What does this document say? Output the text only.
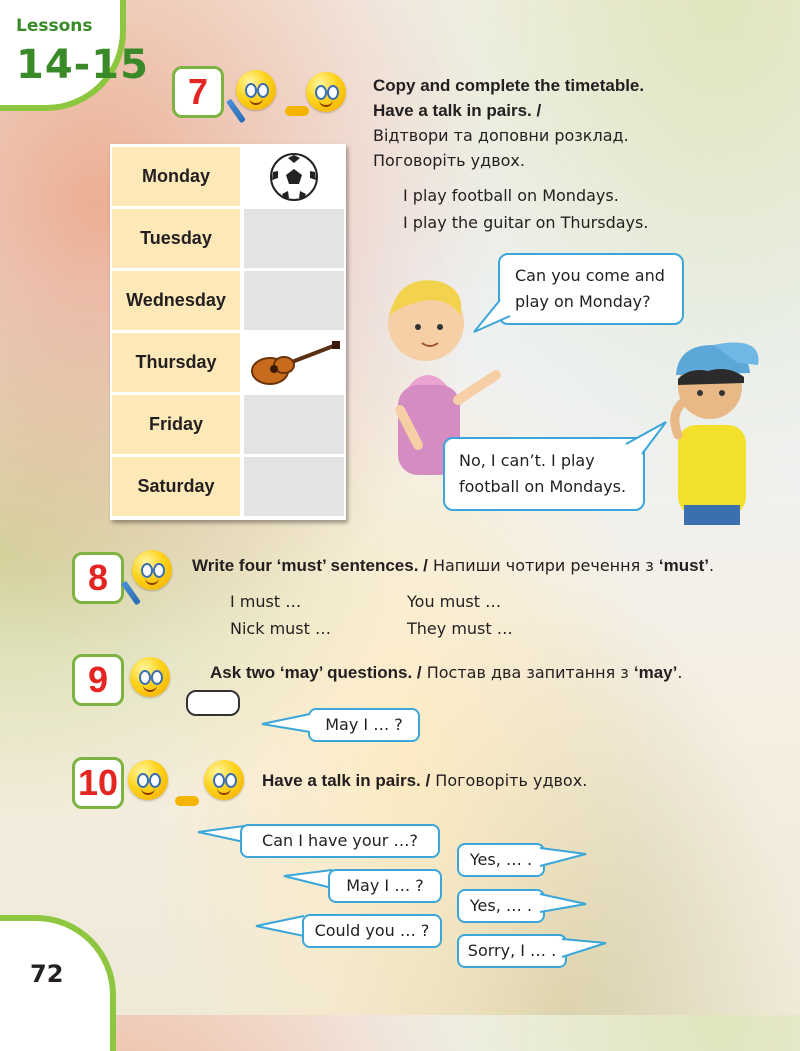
Lessons
14-15
7	Copy and complete the timetable.
Have a talk in pairs. /
Відтвори та доповни розклад.
Поговоріть удвох.
I play football on Mondays.
I play the guitar on Thursdays.
Monday
Tuesday
Wednesday
Thursday
Friday
Saturday
Can you come and
play on Monday?
No, I can’t. I play
football on Mondays.
8	Write four ‘must’ sentences. / Напиши чотири речення з ‘must’.
I must …	You must …
Nick must …	They must …
9	Ask two ‘may’ questions. / Постав два запитання з ‘may’.
May I … ?
10	Have a talk in pairs. / Поговоріть удвох.
Can I have your …?
May I … ?
Could you … ?
Yes, … .
Yes, … .
Sorry, I … .
72
